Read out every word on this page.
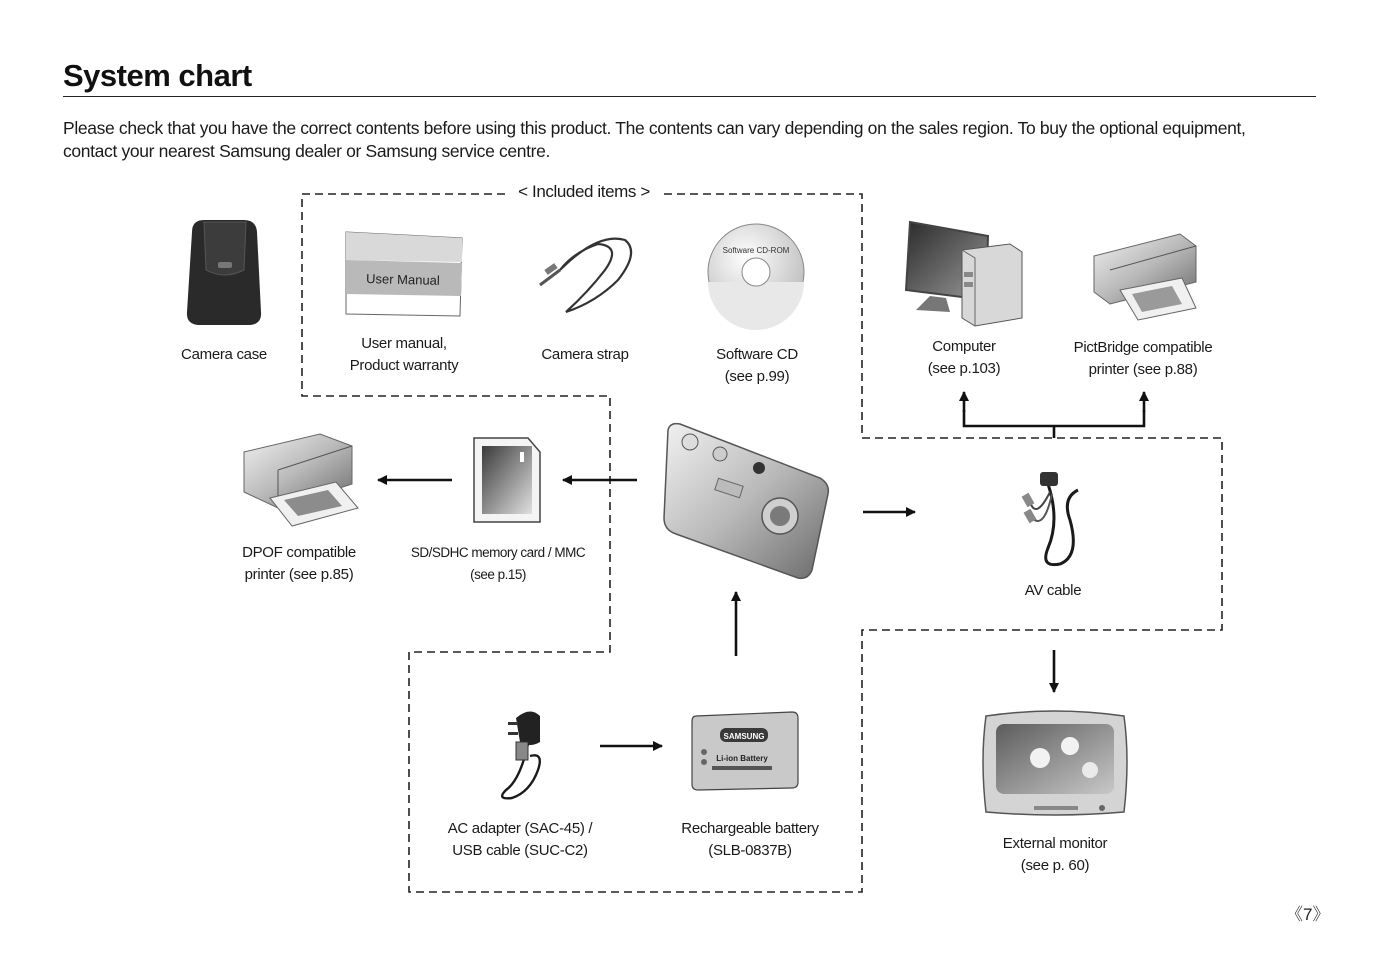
System chart
Please check that you have the correct contents before using this product. The contents can vary depending on the sales region. To buy the optional equipment,
contact your nearest Samsung dealer or Samsung service centre.
User Manual
Software CD-ROM
SAMSUNG
Li-ion Battery
< Included items >
Camera case
User manual,
Product warranty
Camera strap	Software CD
(see p.99)
Computer
(see p.103)
PictBridge compatible
printer (see p.88)
DPOF compatible
printer (see p.85)
SD/SDHC memory card / MMC
(see p.15)
AV cable
AC adapter (SAC-45) /
USB cable (SUC-C2)
Rechargeable battery
(SLB-0837B)	External monitor
(see p. 60)
《7》
